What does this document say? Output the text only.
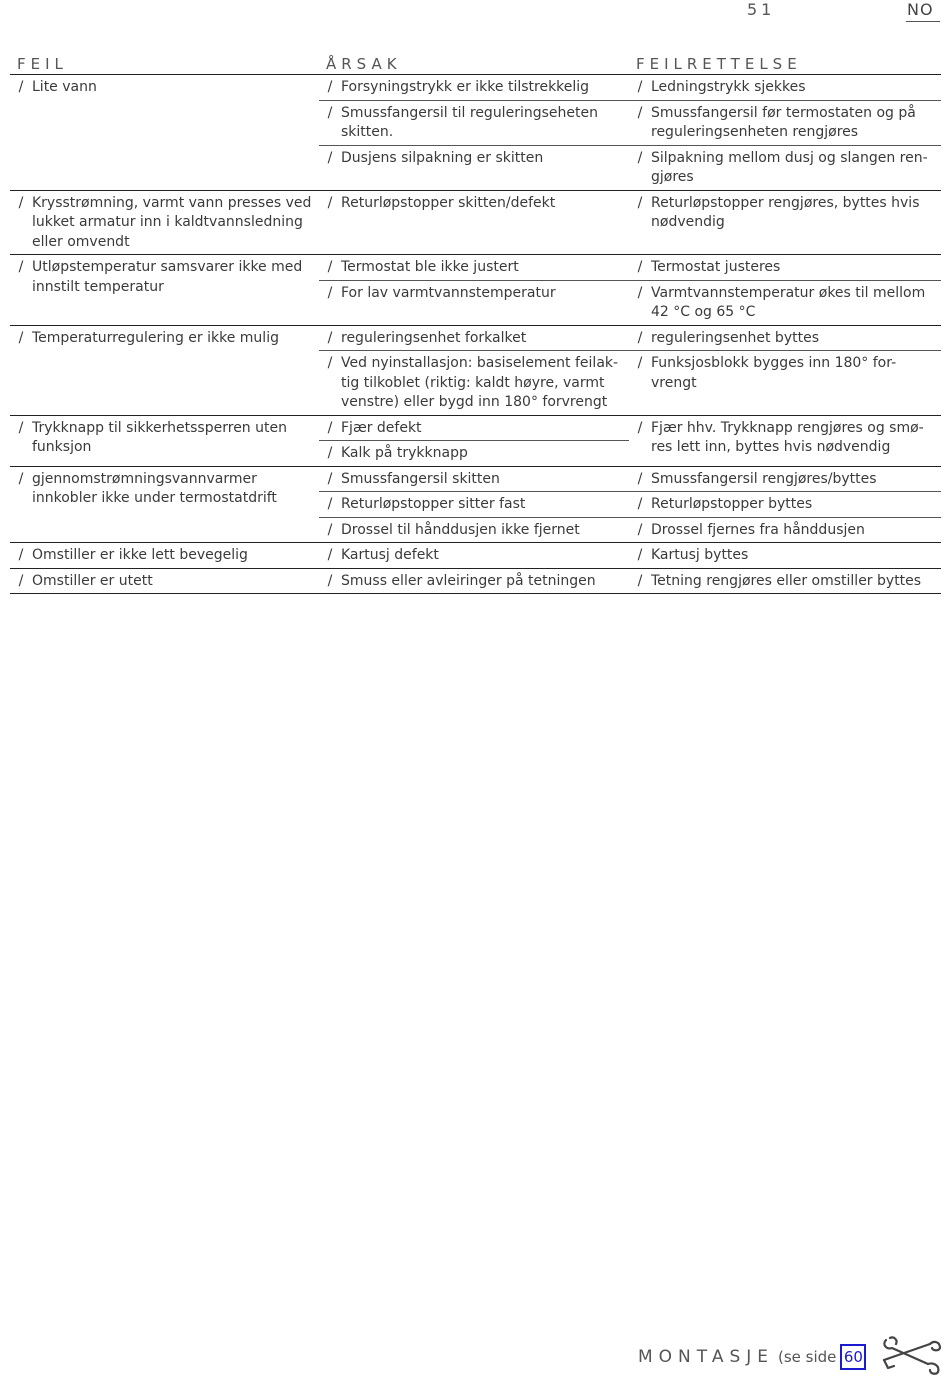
51	NO
FEIL	ÅRSAK	FEILRETTELSE

/ Lite vann	/ Forsyningstrykk er ikke tilstrekkelig	/ Ledningstrykk sjekkes

	/ Smussfangersil til reguleringseheten skitten.	/ Smussfangersil før termostaten og på reguleringsenheten rengjøres

	/ Dusjens silpakning er skitten	/ Silpakning mellom dusj og slangen ren-gjøres

/ Krysstrømning, varmt vann presses ved lukket armatur inn i kaldtvannsledning eller omvendt	/ Returløpstopper skitten/defekt	/ Returløpstopper rengjøres, byttes hvis nødvendig

/ Utløpstemperatur samsvarer ikke med innstilt temperatur	/ Termostat ble ikke justert	/ Termostat justeres

	/ For lav varmtvannstemperatur	/ Varmtvannstemperatur økes til mellom 42 °C og 65 °C

/ Temperaturregulering er ikke mulig	/ reguleringsenhet forkalket	/ reguleringsenhet byttes

	/ Ved nyinstallasjon: basiselement feilak-tig tilkoblet (riktig: kaldt høyre, varmt venstre) eller bygd inn 180° forvrengt	/ Funksjosblokk bygges inn 180° for-vrengt

/ Trykknapp til sikkerhetssperren uten funksjon	/ Fjær defekt	/ Fjær hhv. Trykknapp rengjøres og smø-res lett inn, byttes hvis nødvendig

	/ Kalk på trykknapp	

/ gjennomstrømningsvannvarmer innkobler ikke under termostatdrift	/ Smussfangersil skitten	/ Smussfangersil rengjøres/byttes

	/ Returløpstopper sitter fast	/ Returløpstopper byttes

	/ Drossel til hånddusjen ikke fjernet	/ Drossel fjernes fra hånddusjen

/ Omstiller er ikke lett bevegelig	/ Kartusj defekt	/ Kartusj byttes

/ Omstiller er utett	/ Smuss eller avleiringer på tetningen	/ Tetning rengjøres eller omstiller byttes
MONTASJE (se side 60
